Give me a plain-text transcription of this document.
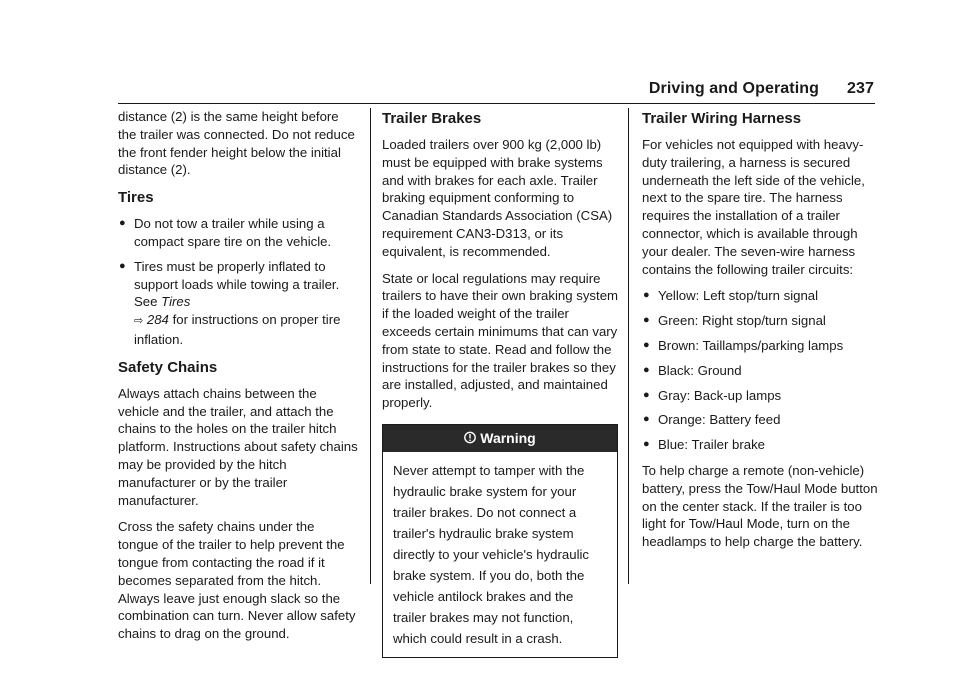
Driving and Operating 237

distance (2) is the same height before the trailer was connected. Do not reduce the front fender height below the initial distance (2).

Tires
● Do not tow a trailer while using a compact spare tire on the vehicle.
● Tires must be properly inflated to support loads while towing a trailer. See Tires
⇨ 284 for instructions on proper tire inflation.
Safety Chains

Always attach chains between the vehicle and the trailer, and attach the chains to the holes on the trailer hitch platform. Instructions about safety chains may be provided by the hitch manufacturer or by the trailer manufacturer.

Cross the safety chains under the tongue of the trailer to help prevent the tongue from contacting the road if it becomes separated from the hitch. Always leave just enough slack so the combination can turn. Never allow safety chains to drag on the ground.

Trailer Brakes

Loaded trailers over 900 kg (2,000 lb) must be equipped with brake systems and with brakes for each axle. Trailer braking equipment conforming to Canadian Standards Association (CSA) requirement CAN3-D313, or its equivalent, is recommended.

State or local regulations may require trailers to have their own braking system if the loaded weight of the trailer exceeds certain minimums that can vary from state to state. Read and follow the instructions for the trailer brakes so they are installed, adjusted, and maintained properly.

Warning
Never attempt to tamper with the hydraulic brake system for your trailer brakes. Do not connect a trailer's hydraulic brake system directly to your vehicle's hydraulic brake system. If you do, both the vehicle antilock brakes and the trailer brakes may not function, which could result in a crash.
Trailer Wiring Harness

For vehicles not equipped with heavy-duty trailering, a harness is secured underneath the left side of the vehicle, next to the spare tire. The harness requires the installation of a trailer connector, which is available through your dealer. The seven-wire harness contains the following trailer circuits:

● Yellow: Left stop/turn signal
● Green: Right stop/turn signal
● Brown: Taillamps/parking lamps
● Black: Ground
● Gray: Back-up lamps
● Orange: Battery feed
● Blue: Trailer brake

To help charge a remote (non-vehicle) battery, press the Tow/Haul Mode button on the center stack. If the trailer is too light for Tow/Haul Mode, turn on the headlamps to help charge the battery.
